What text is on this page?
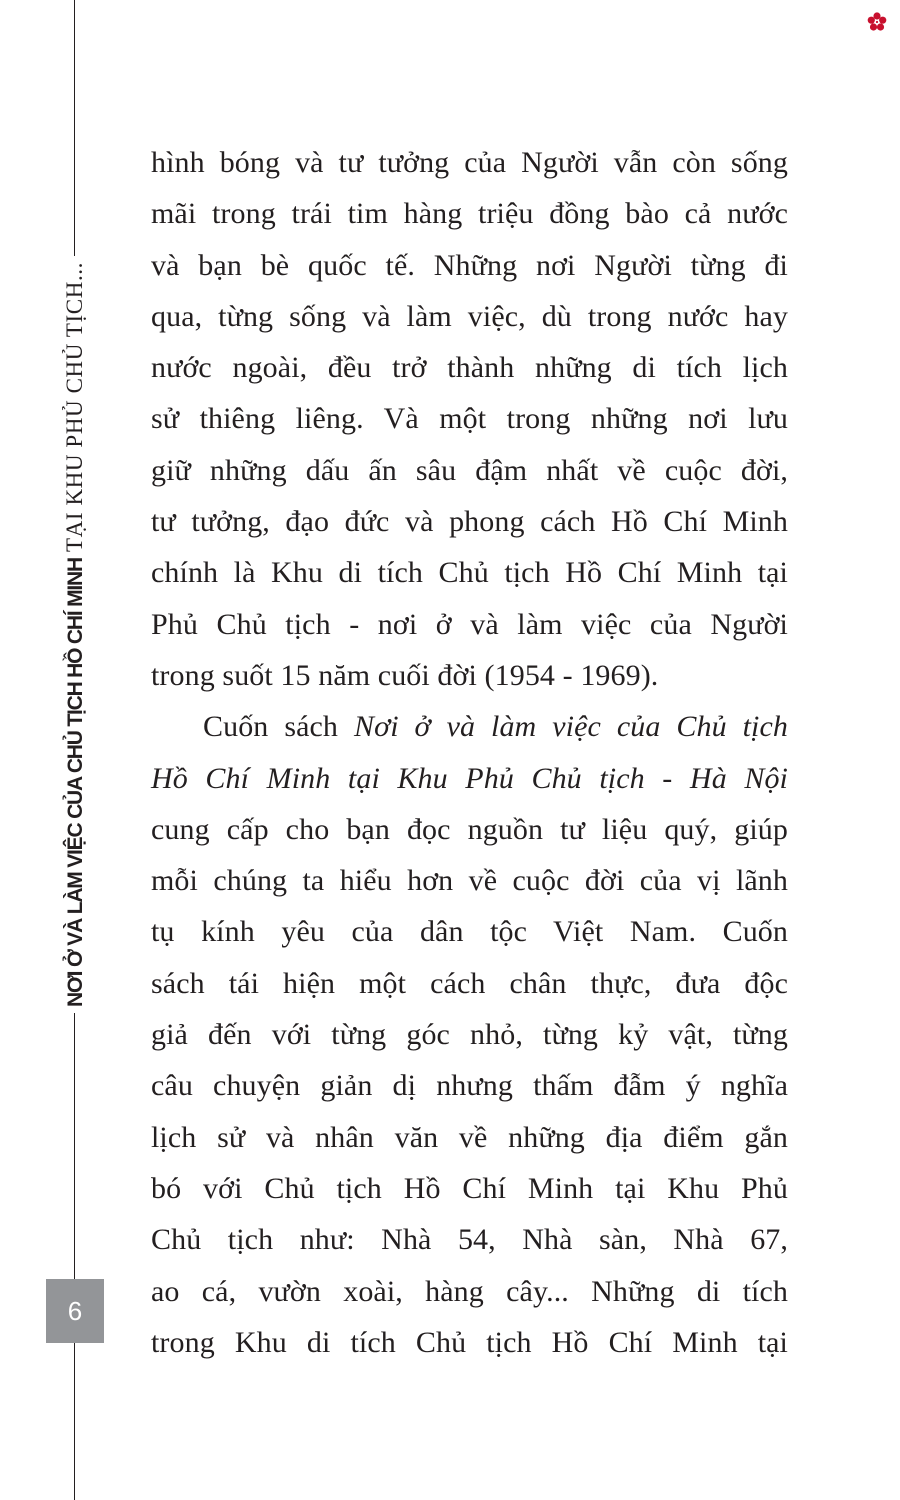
NƠI Ở VÀ LÀM VIỆC CỦA CHỦ TỊCH HỒ CHÍ MINHTẠI KHU PHỦ CHỦ TỊCH...
6
hình bóng và tư tưởng của Người vẫn còn sống
mãi trong trái tim hàng triệu đồng bào cả nước
và bạn bè quốc tế. Những nơi Người từng đi
qua, từng sống và làm việc, dù trong nước hay
nước ngoài, đều trở thành những di tích lịch
sử thiêng liêng. Và một trong những nơi lưu
giữ những dấu ấn sâu đậm nhất về cuộc đời,
tư tưởng, đạo đức và phong cách Hồ Chí Minh
chính là Khu di tích Chủ tịch Hồ Chí Minh tại
Phủ Chủ tịch - nơi ở và làm việc của Người
trong suốt 15 năm cuối đời (1954 - 1969).
Cuốn sách Nơi ở và làm việc của Chủ tịch
Hồ Chí Minh tại Khu Phủ Chủ tịch - Hà Nội
cung cấp cho bạn đọc nguồn tư liệu quý, giúp
mỗi chúng ta hiểu hơn về cuộc đời của vị lãnh
tụ kính yêu của dân tộc Việt Nam. Cuốn
sách tái hiện một cách chân thực, đưa độc
giả đến với từng góc nhỏ, từng kỷ vật, từng
câu chuyện giản dị nhưng thấm đẫm ý nghĩa
lịch sử và nhân văn về những địa điểm gắn
bó với Chủ tịch Hồ Chí Minh tại Khu Phủ
Chủ tịch như: Nhà 54, Nhà sàn, Nhà 67,
ao cá, vườn xoài, hàng cây... Những di tích
trong Khu di tích Chủ tịch Hồ Chí Minh tại
